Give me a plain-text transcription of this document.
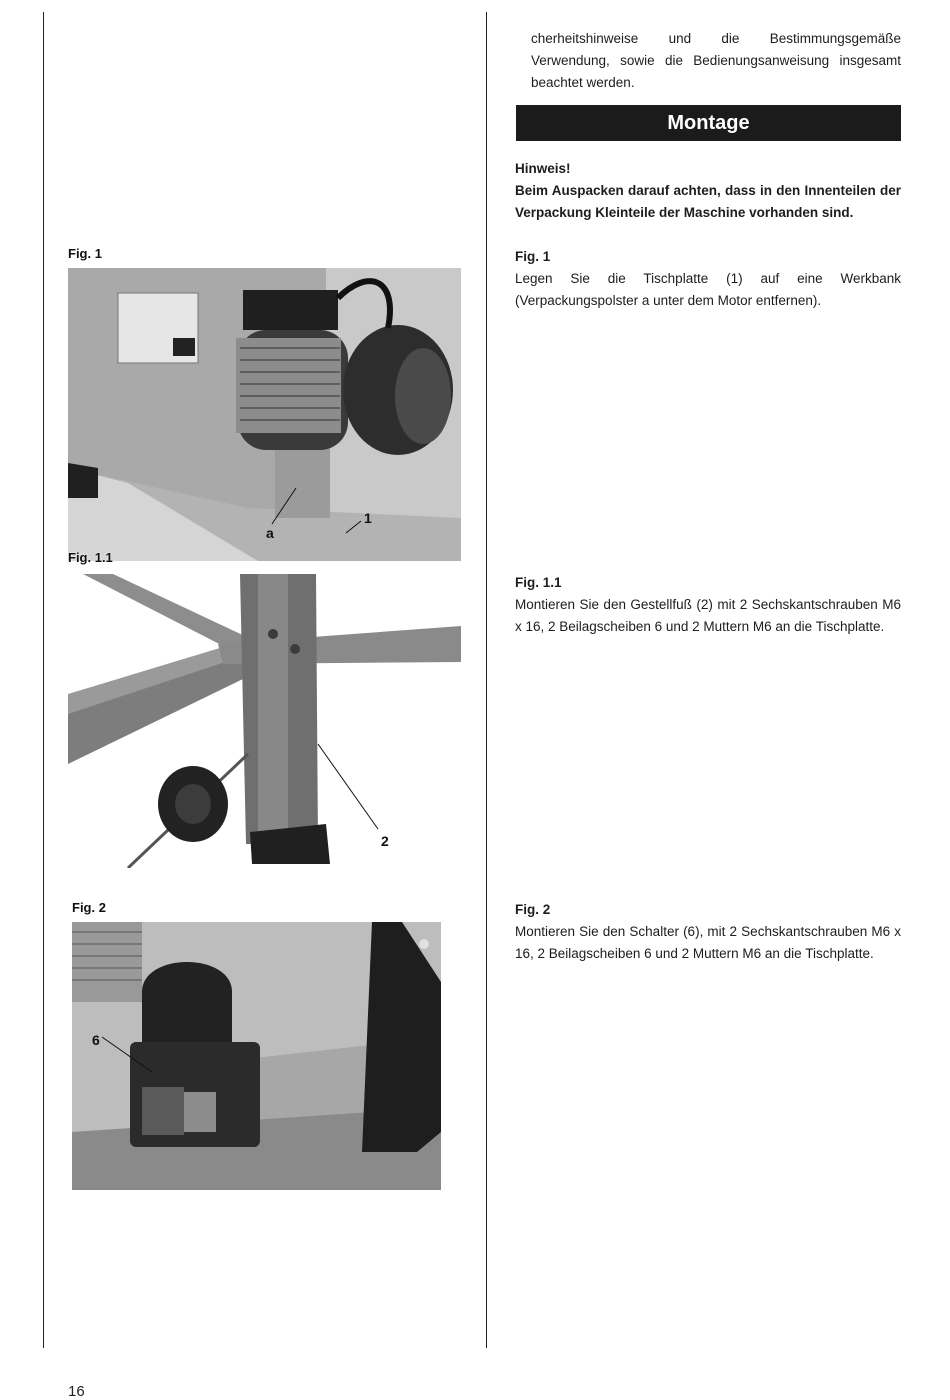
Fig. 1
a
1
Fig. 1.1
2
Fig. 2
6

cherheitshinweise und die Bestimmungsgemäße Verwendung, sowie die Bedienungsanweisung insgesamt beachtet werden.

Montage

Hinweis!

Beim Auspacken darauf achten, dass in den Innenteilen der Verpackung Kleinteile der Maschine vorhanden sind.

Fig. 1

Legen Sie die Tischplatte (1) auf eine Werkbank (Verpackungspolster a unter dem Motor entfernen).

Fig. 1.1

Montieren Sie den Gestellfuß (2) mit 2 Sechskantschrauben M6 x 16, 2 Beilagscheiben 6 und 2 Muttern M6 an die Tischplatte.

Fig. 2

Montieren Sie den Schalter (6), mit 2 Sechskantschrauben M6 x 16, 2 Beilagscheiben 6 und 2 Muttern M6 an die Tischplatte.

16
